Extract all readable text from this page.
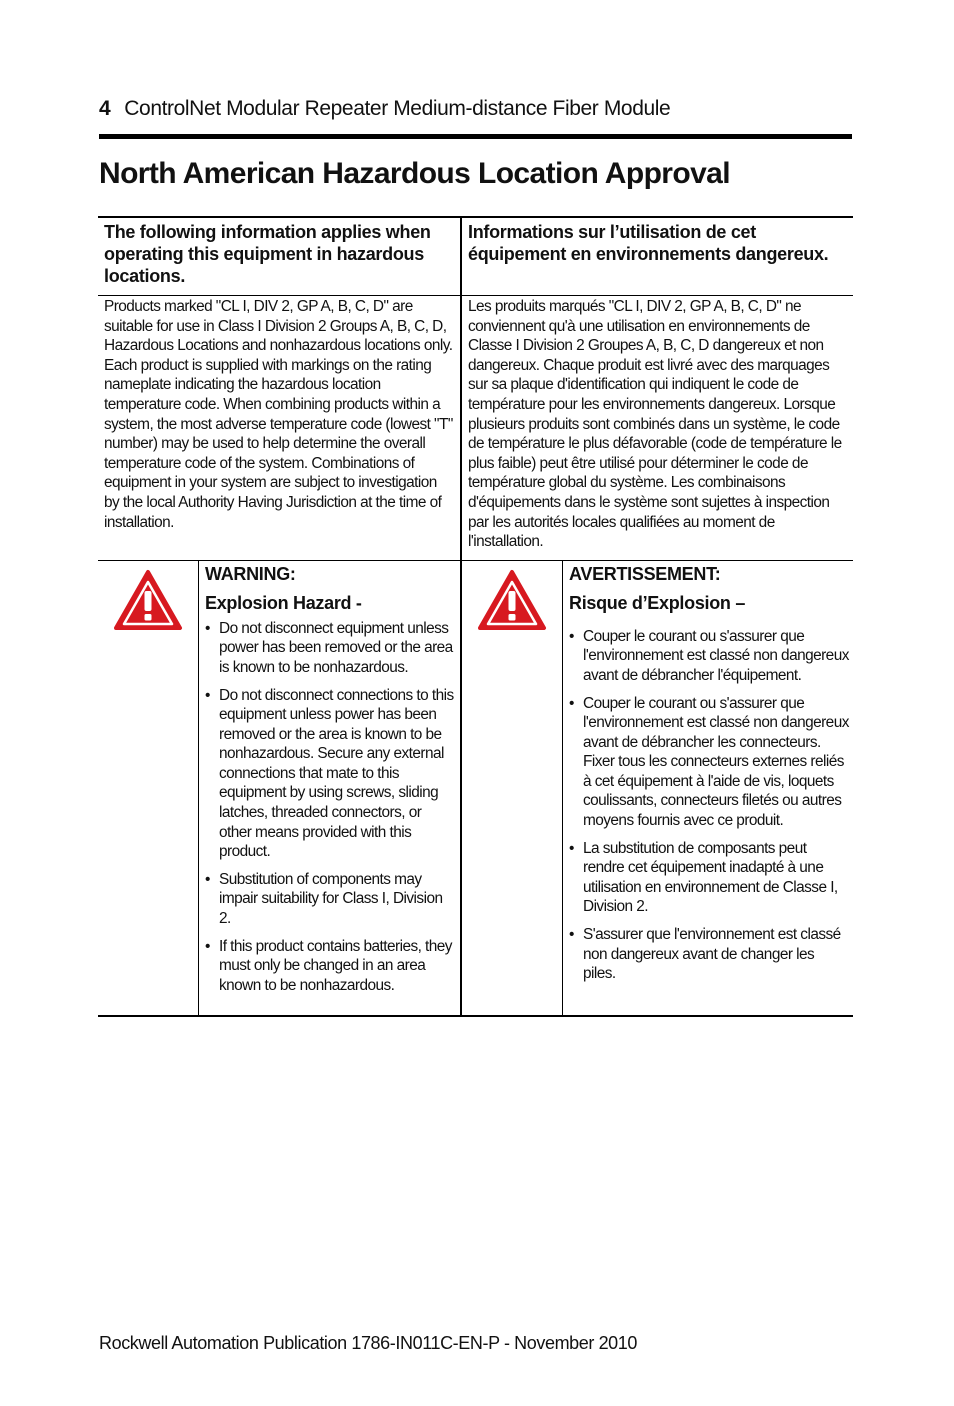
4 ControlNet Modular Repeater Medium-distance Fiber Module
North American Hazardous Location Approval
The following information applies when operating this equipment in hazardous locations.
Informations sur l’utilisation de cet équipement en environnements dangereux.
Products marked "CL I, DIV 2, GP A, B, C, D" are suitable for use in Class I Division 2 Groups A, B, C, D, Hazardous Locations and nonhazardous locations only. Each product is supplied with markings on the rating nameplate indicating the hazardous location temperature code. When combining products within a system, the most adverse temperature code (lowest "T" number) may be used to help determine the overall temperature code of the system. Combinations of equipment in your system are subject to investigation by the local Authority Having Jurisdiction at the time of installation.
Les produits marqués "CL I, DIV 2, GP A, B, C, D" ne conviennent qu'à une utilisation en environnements de Classe I Division 2 Groupes A, B, C, D dangereux et non dangereux. Chaque produit est livré avec des marquages sur sa plaque d'identification qui indiquent le code de température pour les environnements dangereux. Lorsque plusieurs produits sont combinés dans un système, le code de température le plus défavorable (code de température le plus faible) peut être utilisé pour déterminer le code de température global du système. Les combinaisons d'équipements dans le système sont sujettes à inspection par les autorités locales qualifiées au moment de l'installation.
WARNING:
Explosion Hazard -
• Do not disconnect equipment unless power has been removed or the area is known to be nonhazardous.
• Do not disconnect connections to this equipment unless power has been removed or the area is known to be nonhazardous. Secure any external connections that mate to this equipment by using screws, sliding latches, threaded connectors, or other means provided with this product.
• Substitution of components may impair suitability for Class I, Division 2.
• If this product contains batteries, they must only be changed in an area known to be nonhazardous.
AVERTISSEMENT:
Risque d’Explosion –
• Couper le courant ou s'assurer que l'environnement est classé non dangereux avant de débrancher l'équipement.
• Couper le courant ou s'assurer que l'environnement est classé non dangereux avant de débrancher les connecteurs. Fixer tous les connecteurs externes reliés à cet équipement à l'aide de vis, loquets coulissants, connecteurs filetés ou autres moyens fournis avec ce produit.
• La substitution de composants peut rendre cet équipement inadapté à une utilisation en environnement de Classe I, Division 2.
• S'assurer que l'environnement est classé non dangereux avant de changer les piles.
Rockwell Automation Publication 1786-IN011C-EN-P - November 2010
